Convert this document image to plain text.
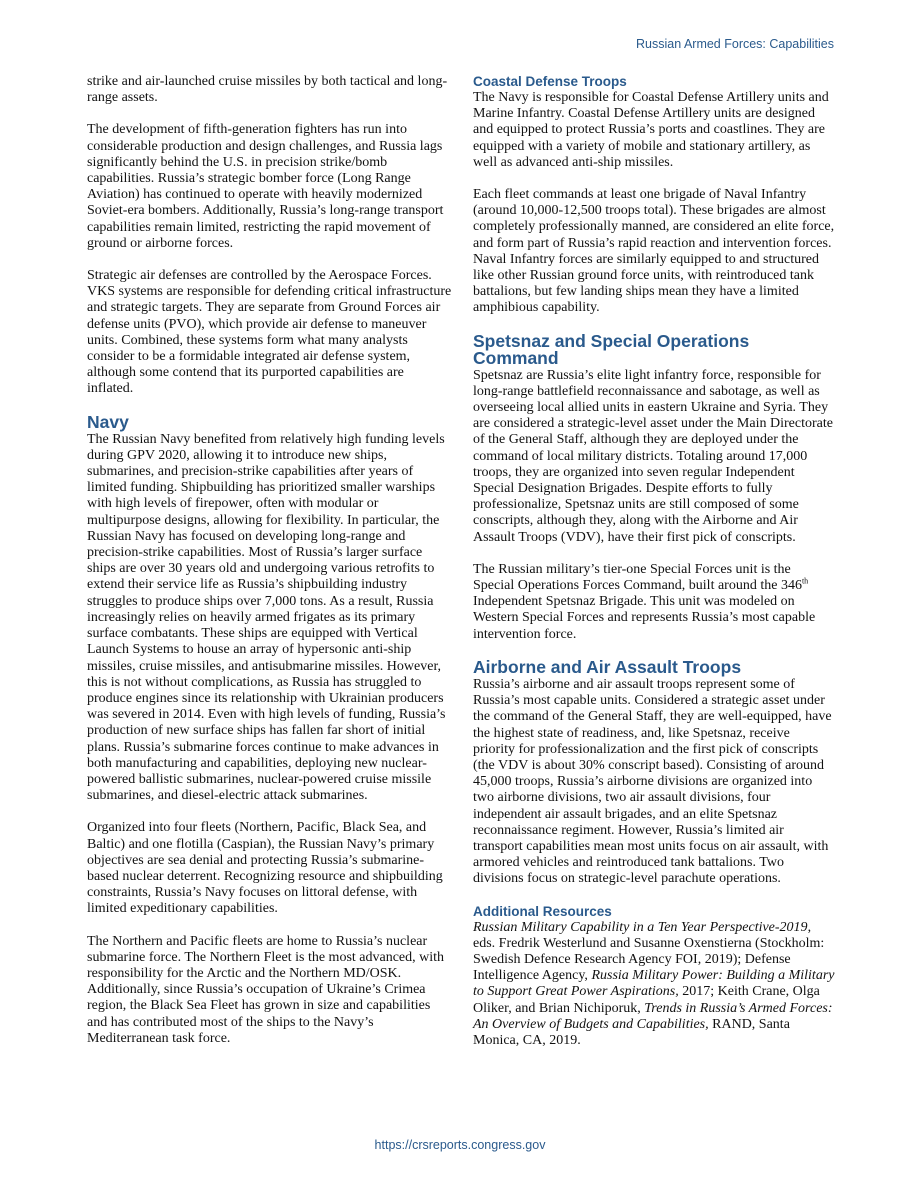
Russian Armed Forces: Capabilities

strike and air-launched cruise missiles by both tactical and long-range assets.

The development of fifth-generation fighters has run into considerable production and design challenges, and Russia lags significantly behind the U.S. in precision strike/bomb capabilities. Russia’s strategic bomber force (Long Range Aviation) has continued to operate with heavily modernized Soviet-era bombers. Additionally, Russia’s long-range transport capabilities remain limited, restricting the rapid movement of ground or airborne forces.

Strategic air defenses are controlled by the Aerospace Forces. VKS systems are responsible for defending critical infrastructure and strategic targets. They are separate from Ground Forces air defense units (PVO), which provide air defense to maneuver units. Combined, these systems form what many analysts consider to be a formidable integrated air defense system, although some contend that its purported capabilities are inflated.

Navy

The Russian Navy benefited from relatively high funding levels during GPV 2020, allowing it to introduce new ships, submarines, and precision-strike capabilities after years of limited funding. Shipbuilding has prioritized smaller warships with high levels of firepower, often with modular or multipurpose designs, allowing for flexibility. In particular, the Russian Navy has focused on developing long-range and precision-strike capabilities. Most of Russia’s larger surface ships are over 30 years old and undergoing various retrofits to extend their service life as Russia’s shipbuilding industry struggles to produce ships over 7,000 tons. As a result, Russia increasingly relies on heavily armed frigates as its primary surface combatants. These ships are equipped with Vertical Launch Systems to house an array of hypersonic anti-ship missiles, cruise missiles, and antisubmarine missiles. However, this is not without complications, as Russia has struggled to produce engines since its relationship with Ukrainian producers was severed in 2014. Even with high levels of funding, Russia’s production of new surface ships has fallen far short of initial plans. Russia’s submarine forces continue to make advances in both manufacturing and capabilities, deploying new nuclear-powered ballistic submarines, nuclear-powered cruise missile submarines, and diesel-electric attack submarines.

Organized into four fleets (Northern, Pacific, Black Sea, and Baltic) and one flotilla (Caspian), the Russian Navy’s primary objectives are sea denial and protecting Russia’s submarine-based nuclear deterrent. Recognizing resource and shipbuilding constraints, Russia’s Navy focuses on littoral defense, with limited expeditionary capabilities.

The Northern and Pacific fleets are home to Russia’s nuclear submarine force. The Northern Fleet is the most advanced, with responsibility for the Arctic and the Northern MD/OSK. Additionally, since Russia’s occupation of Ukraine’s Crimea region, the Black Sea Fleet has grown in size and capabilities and has contributed most of the ships to the Navy’s Mediterranean task force.

Coastal Defense Troops

The Navy is responsible for Coastal Defense Artillery units and Marine Infantry. Coastal Defense Artillery units are designed and equipped to protect Russia’s ports and coastlines. They are equipped with a variety of mobile and stationary artillery, as well as advanced anti-ship missiles.

Each fleet commands at least one brigade of Naval Infantry (around 10,000-12,500 troops total). These brigades are almost completely professionally manned, are considered an elite force, and form part of Russia’s rapid reaction and intervention forces. Naval Infantry forces are similarly equipped to and structured like other Russian ground force units, with reintroduced tank battalions, but few landing ships mean they have a limited amphibious capability.

Spetsnaz and Special Operations Command

Spetsnaz are Russia’s elite light infantry force, responsible for long-range battlefield reconnaissance and sabotage, as well as overseeing local allied units in eastern Ukraine and Syria. They are considered a strategic-level asset under the Main Directorate of the General Staff, although they are deployed under the command of local military districts. Totaling around 17,000 troops, they are organized into seven regular Independent Special Designation Brigades. Despite efforts to fully professionalize, Spetsnaz units are still composed of some conscripts, although they, along with the Airborne and Air Assault Troops (VDV), have their first pick of conscripts.

The Russian military’s tier-one Special Forces unit is the Special Operations Forces Command, built around the 346th Independent Spetsnaz Brigade. This unit was modeled on Western Special Forces and represents Russia’s most capable intervention force.

Airborne and Air Assault Troops

Russia’s airborne and air assault troops represent some of Russia’s most capable units. Considered a strategic asset under the command of the General Staff, they are well-equipped, have the highest state of readiness, and, like Spetsnaz, receive priority for professionalization and the first pick of conscripts (the VDV is about 30% conscript based). Consisting of around 45,000 troops, Russia’s airborne divisions are organized into two airborne divisions, two air assault divisions, four independent air assault brigades, and an elite Spetsnaz reconnaissance regiment. However, Russia’s limited air transport capabilities mean most units focus on air assault, with armored vehicles and reintroduced tank battalions. Two divisions focus on strategic-level parachute operations.

Additional Resources

Russian Military Capability in a Ten Year Perspective-2019, eds. Fredrik Westerlund and Susanne Oxenstierna (Stockholm: Swedish Defence Research Agency FOI, 2019); Defense Intelligence Agency, Russia Military Power: Building a Military to Support Great Power Aspirations, 2017; Keith Crane, Olga Oliker, and Brian Nichiporuk, Trends in Russia’s Armed Forces: An Overview of Budgets and Capabilities, RAND, Santa Monica, CA, 2019.

https://crsreports.congress.gov
